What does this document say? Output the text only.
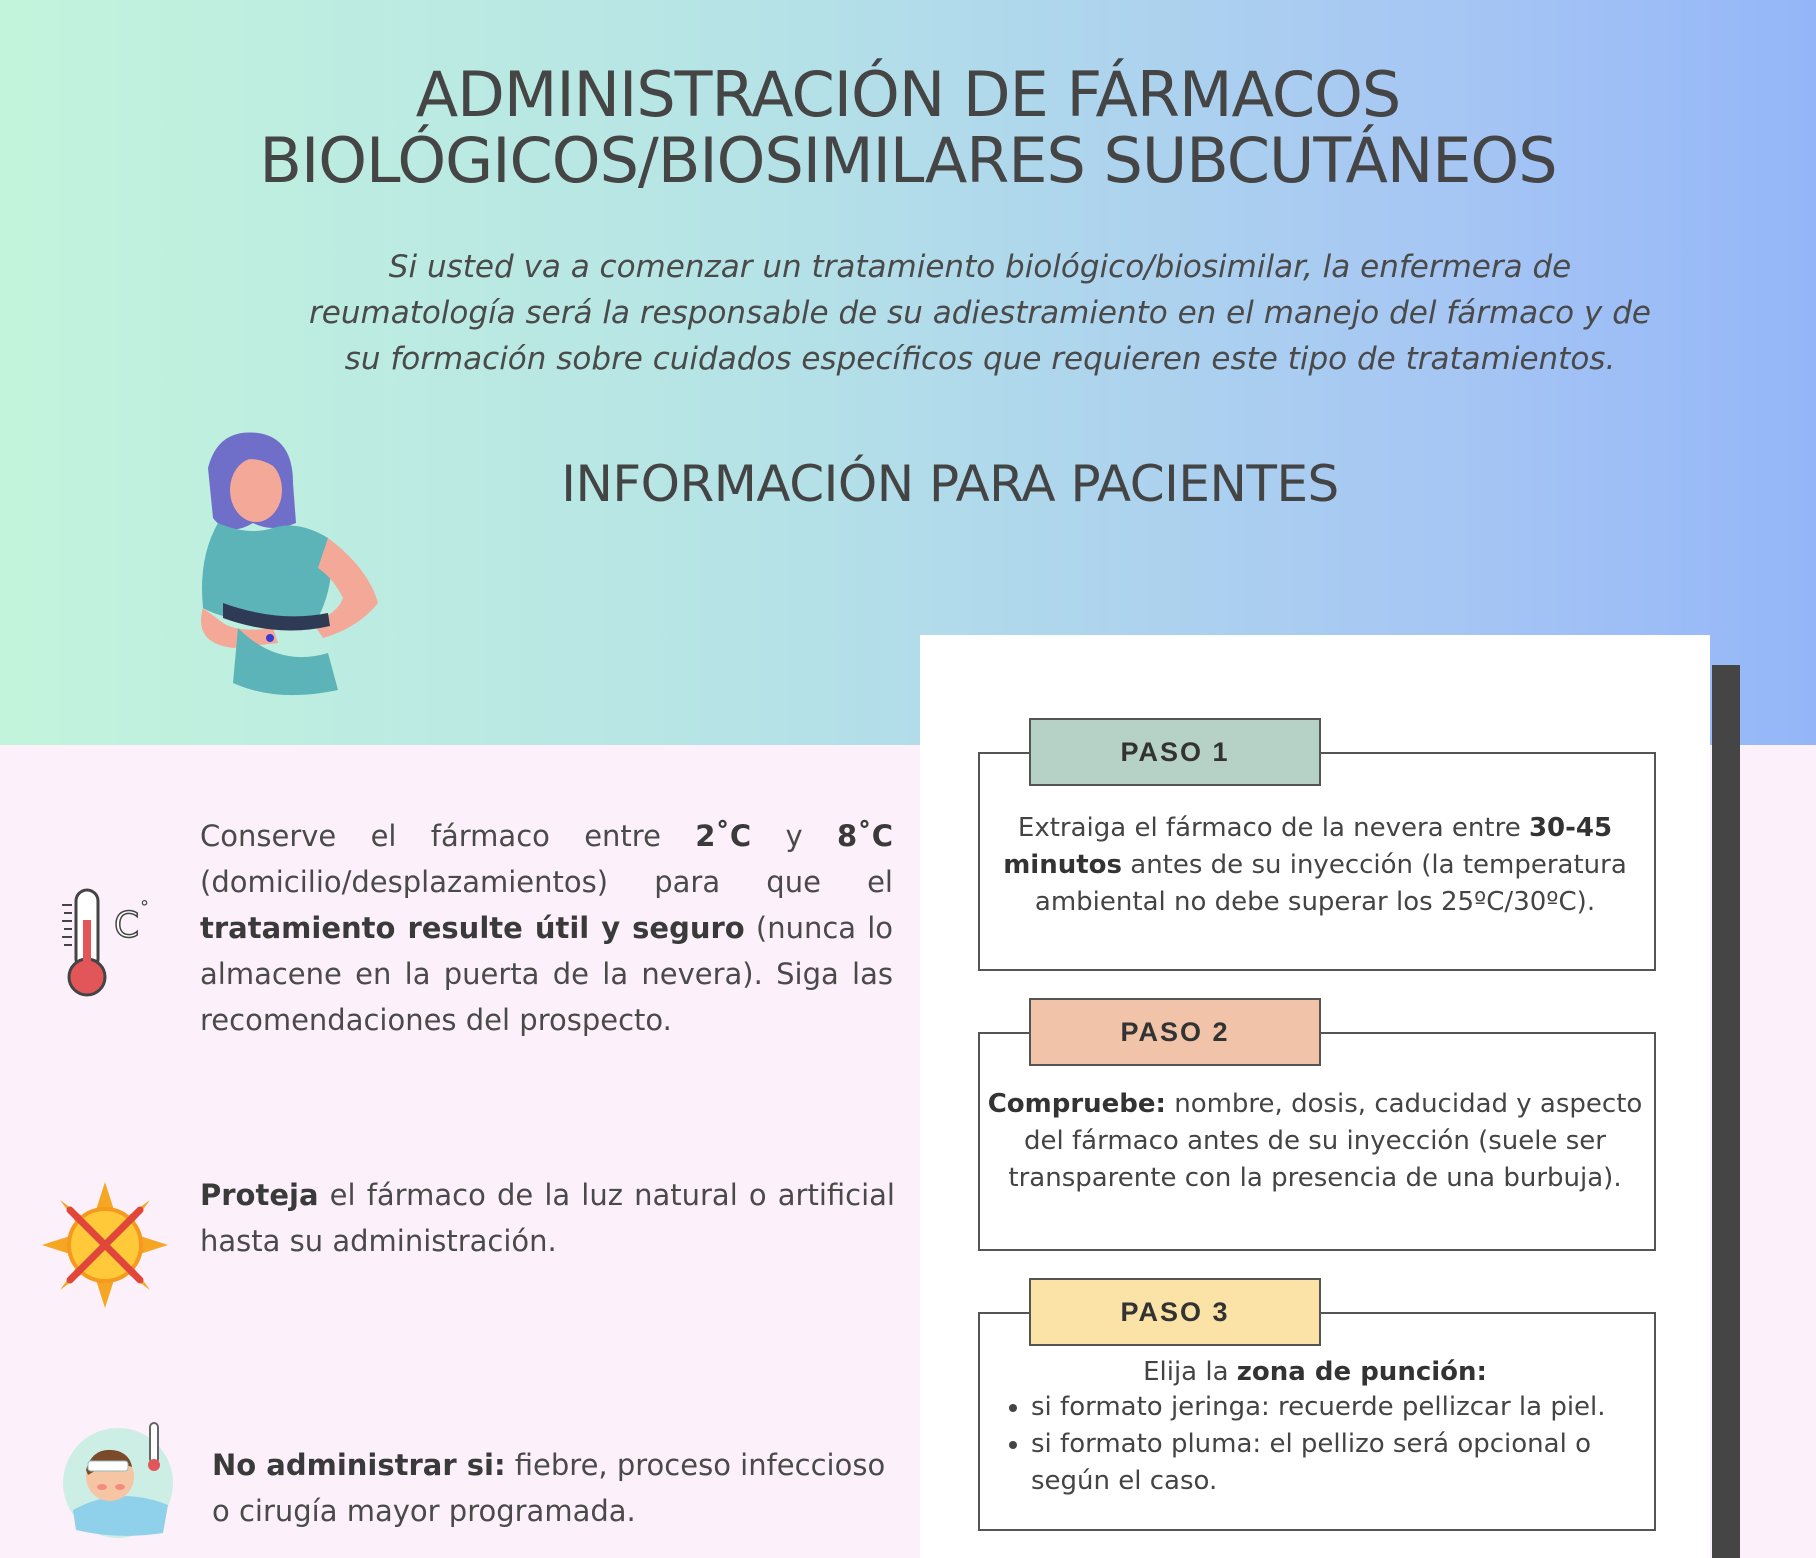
ADMINISTRACIÓN DE FÁRMACOS
BIOLÓGICOS/BIOSIMILARES SUBCUTÁNEOS
Si usted va a comenzar un tratamiento biológico/biosimilar, la enfermera de
reumatología será la responsable de su adiestramiento en el manejo del fármaco y de
su formación sobre cuidados específicos que requieren este tipo de tratamientos.
INFORMACIÓN PARA PACIENTES
PASO 1
Extraiga el fármaco de la nevera entre 30-45 minutos antes de su inyección (la temperatura ambiental no debe superar los 25ºC/30ºC).
PASO 2
Compruebe: nombre, dosis, caducidad y aspecto del fármaco antes de su inyección (suele ser transparente con la presencia de una burbuja).
PASO 3
Elija la zona de punción:
• si formato jeringa: recuerde pellizcar la piel.
• si formato pluma: el pellizo será opcional o según el caso.
C °
Conserve el fármaco entre 2˚C y 8˚C (domicilio/desplazamientos) para que el tratamiento resulte útil y seguro (nunca lo almacene en la puerta de la nevera). Siga las recomendaciones del prospecto.
Proteja el fármaco de la luz natural o artificial hasta su administración.
No administrar si: fiebre, proceso infeccioso o cirugía mayor programada.
